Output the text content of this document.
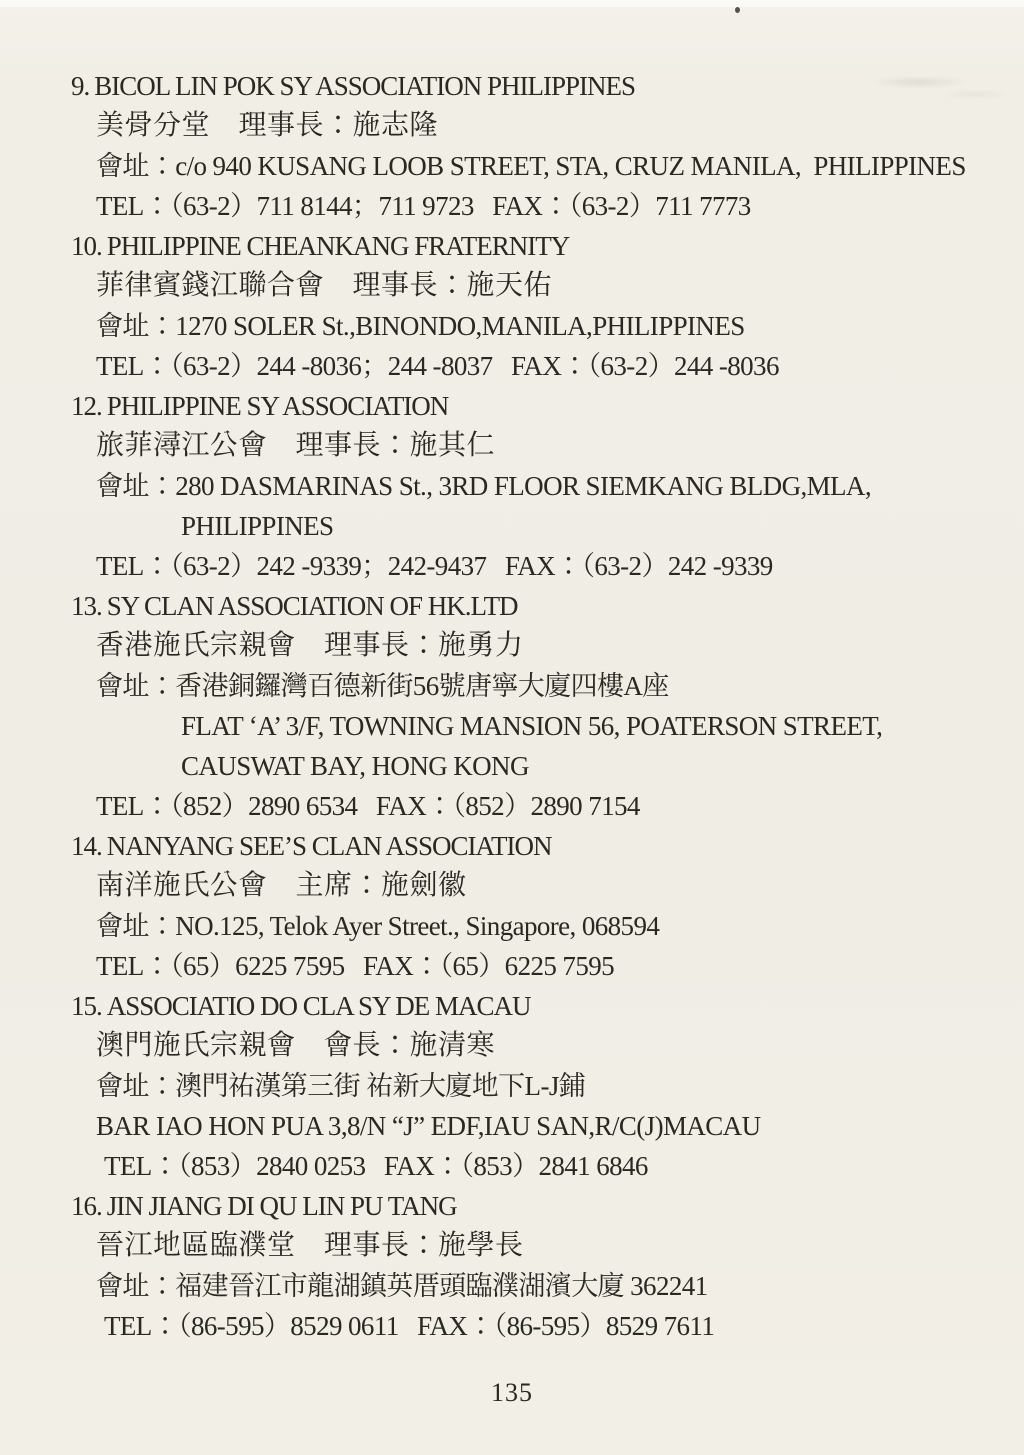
9. BICOL LIN POK SY ASSOCIATION PHILIPPINES
美骨分堂　理事長：施志隆
會址：c/o 940 KUSANG LOOB STREET, STA, CRUZ MANILA,  PHILIPPINES
TEL：（63-2）711 8144；711 9723   FAX：（63-2）711 7773
10. PHILIPPINE CHEANKANG FRATERNITY
菲律賓錢江聯合會　理事長：施天佑
會址：1270 SOLER St.,BINONDO,MANILA,PHILIPPINES
TEL：（63-2）244 -8036；244 -8037   FAX：（63-2）244 -8036
12. PHILIPPINE SY ASSOCIATION
旅菲潯江公會　理事長：施其仁
會址：280 DASMARINAS St., 3RD FLOOR SIEMKANG BLDG,MLA,
PHILIPPINES
TEL：（63-2）242 -9339；242-9437   FAX：（63-2）242 -9339
13. SY CLAN ASSOCIATION OF HK.LTD
香港施氏宗親會　理事長：施勇力
會址：香港銅鑼灣百德新街56號唐寧大廈四樓A座
FLAT ‘A’ 3/F, TOWNING MANSION 56, POATERSON STREET,
CAUSWAT BAY, HONG KONG
TEL：（852）2890 6534   FAX：（852）2890 7154
14. NANYANG SEE’S CLAN ASSOCIATION
南洋施氏公會　主席：施劍徽
會址：NO.125, Telok Ayer Street., Singapore, 068594
TEL：（65）6225 7595   FAX：（65）6225 7595
15. ASSOCIATIO DO CLA SY DE MACAU
澳門施氏宗親會　會長：施清寒
會址：澳門祐漢第三街 祐新大廈地下L-J鋪
BAR IAO HON PUA 3,8/N “J” EDF,IAU SAN,R/C(J)MACAU
TEL：（853）2840 0253   FAX：（853）2841 6846
16. JIN JIANG DI QU LIN PU TANG
晉江地區臨濮堂　理事長：施學長
會址：福建晉江市龍湖鎮英厝頭臨濮湖濱大廈 362241
TEL：（86-595）8529 0611   FAX：（86-595）8529 7611
135
